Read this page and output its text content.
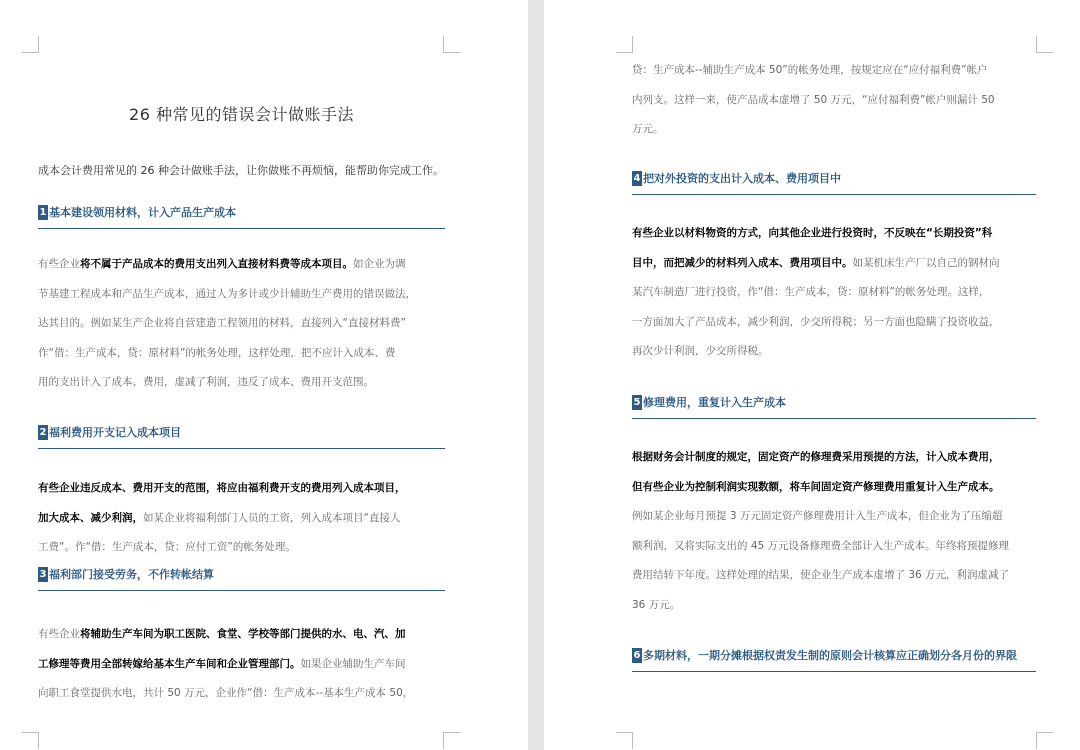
26 种常见的错误会计做账手法
成本会计费用常见的 26 种会计做账手法，让你做账不再烦恼，能帮助你完成工作。
1 基本建设领用材料，计入产品生产成本
有些企业将不属于产品成本的费用支出列入直接材料费等成本项目。如企业为调
节基建工程成本和产品生产成本，通过人为多计或少计辅助生产费用的错误做法，
达其目的。例如某生产企业将自营建造工程领用的材料，直接列入“直接材料费”
作“借：生产成本，贷：原材料”的帐务处理，这样处理，把不应计入成本、费
用的支出计入了成本、费用，虚减了利润，违反了成本、费用开支范围。
2 福利费用开支记入成本项目
有些企业违反成本、费用开支的范围，将应由福利费开支的费用列入成本项目，
加大成本、减少利润，如某企业将福利部门人员的工资，列入成本项目“直接人
工费”。作“借：生产成本，贷：应付工资”的帐务处理。
3 福利部门接受劳务，不作转帐结算
有些企业将辅助生产车间为职工医院、食堂、学校等部门提供的水、电、汽、加
工修理等费用全部转嫁给基本生产车间和企业管理部门。如果企业辅助生产车间
向职工食堂提供水电，共计 50 万元，企业作“借：生产成本--基本生产成本 50，
贷：生产成本--辅助生产成本 50”的帐务处理，按规定应在“应付福利费”帐户
内列支。这样一来，使产品成本虚增了 50 万元，“应付福利费”帐户则漏计 50
万元。
4 把对外投资的支出计入成本、费用项目中
有些企业以材料物资的方式，向其他企业进行投资时，不反映在“长期投资”科
目中，而把减少的材料列入成本、费用项目中。如某机床生产厂以自己的钢材向
某汽车制造厂进行投资，作“借：生产成本，贷：原材料”的帐务处理。这样，
一方面加大了产品成本，减少利润，少交所得税；另一方面也隐瞒了投资收益，
再次少计利润，少交所得税。
5 修理费用，重复计入生产成本
根据财务会计制度的规定，固定资产的修理费采用预提的方法，计入成本费用，
但有些企业为控制利润实现数额，将车间固定资产修理费用重复计入生产成本。
例如某企业每月预提 3 万元固定资产修理费用计入生产成本，但企业为了压缩超
额利润，又将实际支出的 45 万元设备修理费全部计入生产成本。年终将预提修理
费用结转下年度。这样处理的结果，使企业生产成本虚增了 36 万元，利润虚减了
36 万元。
6 多期材料，一期分摊根据权责发生制的原则会计核算应正确划分各月份的界限
